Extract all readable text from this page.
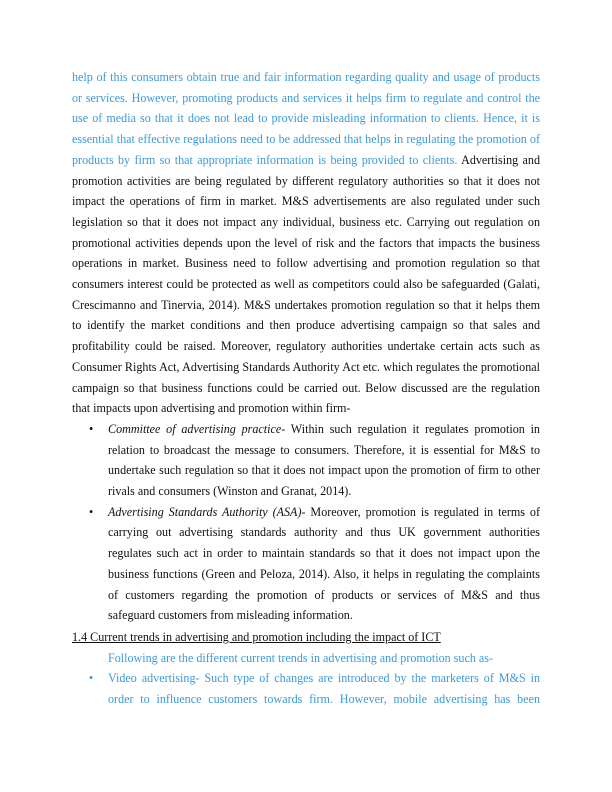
help of this consumers obtain true and fair information regarding quality and usage of products or services. However, promoting products and services it helps firm to regulate and control the use of media so that it does not lead to provide misleading information to clients. Hence, it is essential that effective regulations need to be addressed that helps in regulating the promotion of products by firm so that appropriate information is being provided to clients. Advertising and promotion activities are being regulated by different regulatory authorities so that it does not impact the operations of firm in market. M&S advertisements are also regulated under such legislation so that it does not impact any individual, business etc. Carrying out regulation on promotional activities depends upon the level of risk and the factors that impacts the business operations in market. Business need to follow advertising and promotion regulation so that consumers interest could be protected as well as competitors could also be safeguarded (Galati, Crescimanno and Tinervia, 2014). M&S undertakes promotion regulation so that it helps them to identify the market conditions and then produce advertising campaign so that sales and profitability could be raised. Moreover, regulatory authorities undertake certain acts such as Consumer Rights Act, Advertising Standards Authority Act etc. which regulates the promotional campaign so that business functions could be carried out. Below discussed are the regulation that impacts upon advertising and promotion within firm-

• Committee of advertising practice- Within such regulation it regulates promotion in relation to broadcast the message to consumers. Therefore, it is essential for M&S to undertake such regulation so that it does not impact upon the promotion of firm to other rivals and consumers (Winston and Granat, 2014).
• Advertising Standards Authority (ASA)- Moreover, promotion is regulated in terms of carrying out advertising standards authority and thus UK government authorities regulates such act in order to maintain standards so that it does not impact upon the business functions (Green and Peloza, 2014). Also, it helps in regulating the complaints of customers regarding the promotion of products or services of M&S and thus safeguard customers from misleading information.

1.4 Current trends in advertising and promotion including the impact of ICT

Following are the different current trends in advertising and promotion such as-

• Video advertising- Such type of changes are introduced by the marketers of M&S in order to influence customers towards firm. However, mobile advertising has been
